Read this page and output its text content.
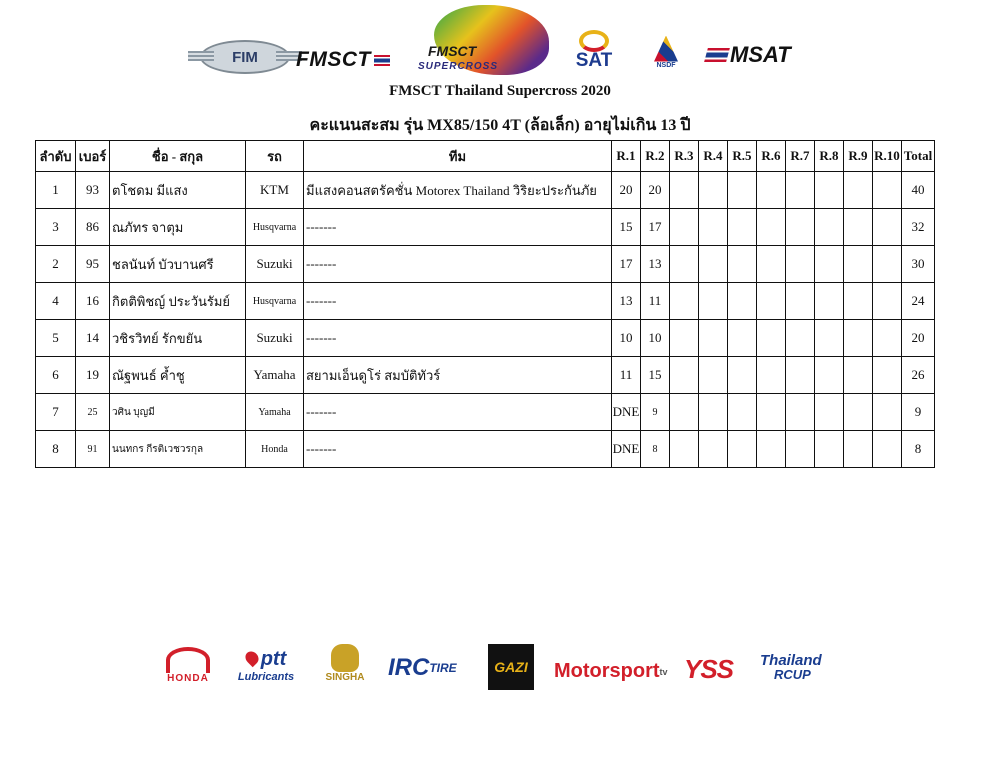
FIM FMSCT	FMSCT
SUPERCROSS	SAT	NSDF MSAT
FMSCT Thailand Supercross 2020
คะแนนสะสม รุ่น MX85/150 4T (ล้อเล็ก) อายุไม่เกิน 13 ปี
ลำดับ	เบอร์	ชื่อ - สกุล	รถ	ทีม	R.1	R.2	R.3	R.4	R.5	R.6	R.7	R.8	R.9	R.10	Total
1	93	ตโชดม มีแสง	KTM	มีแสงคอนสตรัคชั่น Motorex Thailand วิริยะประกันภัย	20	20									40
3	86	ณภัทร จาตุม	Husqvarna	-------	15	17									32
2	95	ชลนันท์ บัวบานศรี	Suzuki	-------	17	13									30
4	16	กิตติพิชญ์ ประวันรัมย์	Husqvarna	-------	13	11									24
5	14	วชิรวิทย์ รักขยัน	Suzuki	-------	10	10									20
6	19	ณัฐพนธ์ ค้ำชู	Yamaha	สยามเอ็นดูโร่ สมบัติทัวร์	11	15									26
7	25	วศิน บุญมี	Yamaha	-------	DNE	9									9
8	91	นนทกร กีรติเวชวรกุล	Honda	-------	DNE	8									8
HONDA
ptt
Lubricants	SINGHA IRC TIRE	GAZI Motorsport tv YSS Thailand
RCUP
